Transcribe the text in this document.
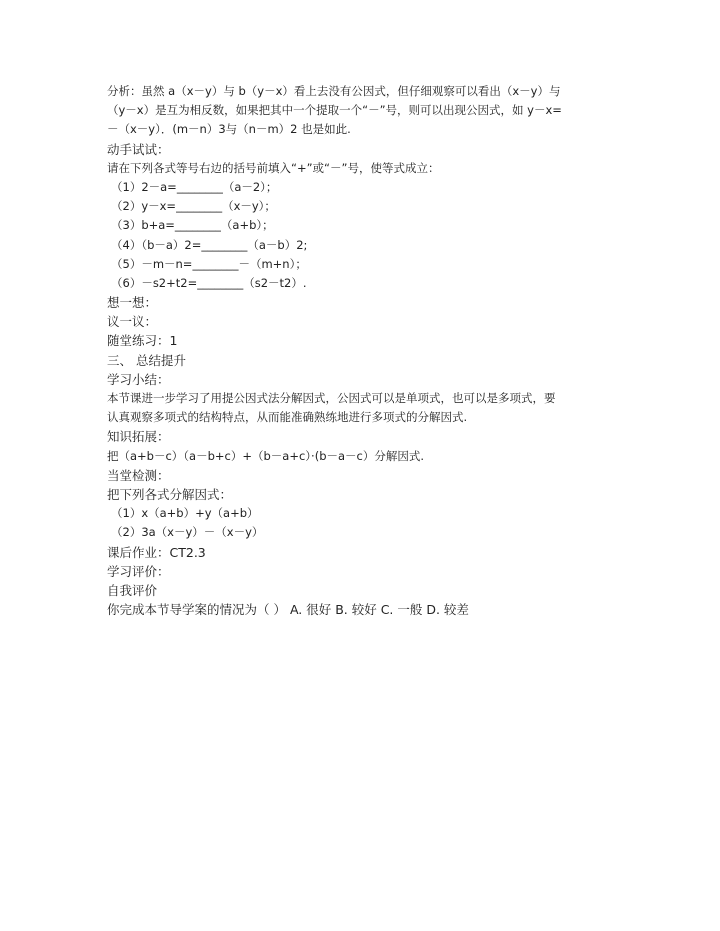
分析：虽然 a（x－y）与 b（y－x）看上去没有公因式，但仔细观察可以看出（x－y）与
（y－x）是互为相反数，如果把其中一个提取一个“－”号，则可以出现公因式，如 y－x=
－（x－y）．(m－n）3与（n－m）2 也是如此.
动手试试：
请在下列各式等号右边的括号前填入“+”或“－”号，使等式成立：
（1）2－a=________（a－2）；
（2）y－x=________（x－y）；
（3）b+a=________（a+b）；
（4）（b－a）2=________（a－b）2;
（5）－m－n=________－（m+n）；
（6）－s2+t2=________（s2－t2）.
想一想：
议一议：
随堂练习：1
三、 总结提升
学习小结：
本节课进一步学习了用提公因式法分解因式，公因式可以是单项式，也可以是多项式，要
认真观察多项式的结构特点，从而能准确熟练地进行多项式的分解因式.
知识拓展：
把（a+b－c）（a－b+c）+（b－a+c）·(b－a－c）分解因式.
当堂检测：
把下列各式分解因式：
（1）x（a+b）+y（a+b）
（2）3a（x－y）－（x－y）
课后作业：CT2.3
学习评价：
自我评价
你完成本节导学案的情况为（ ） A. 很好 B. 较好 C. 一般 D. 较差
